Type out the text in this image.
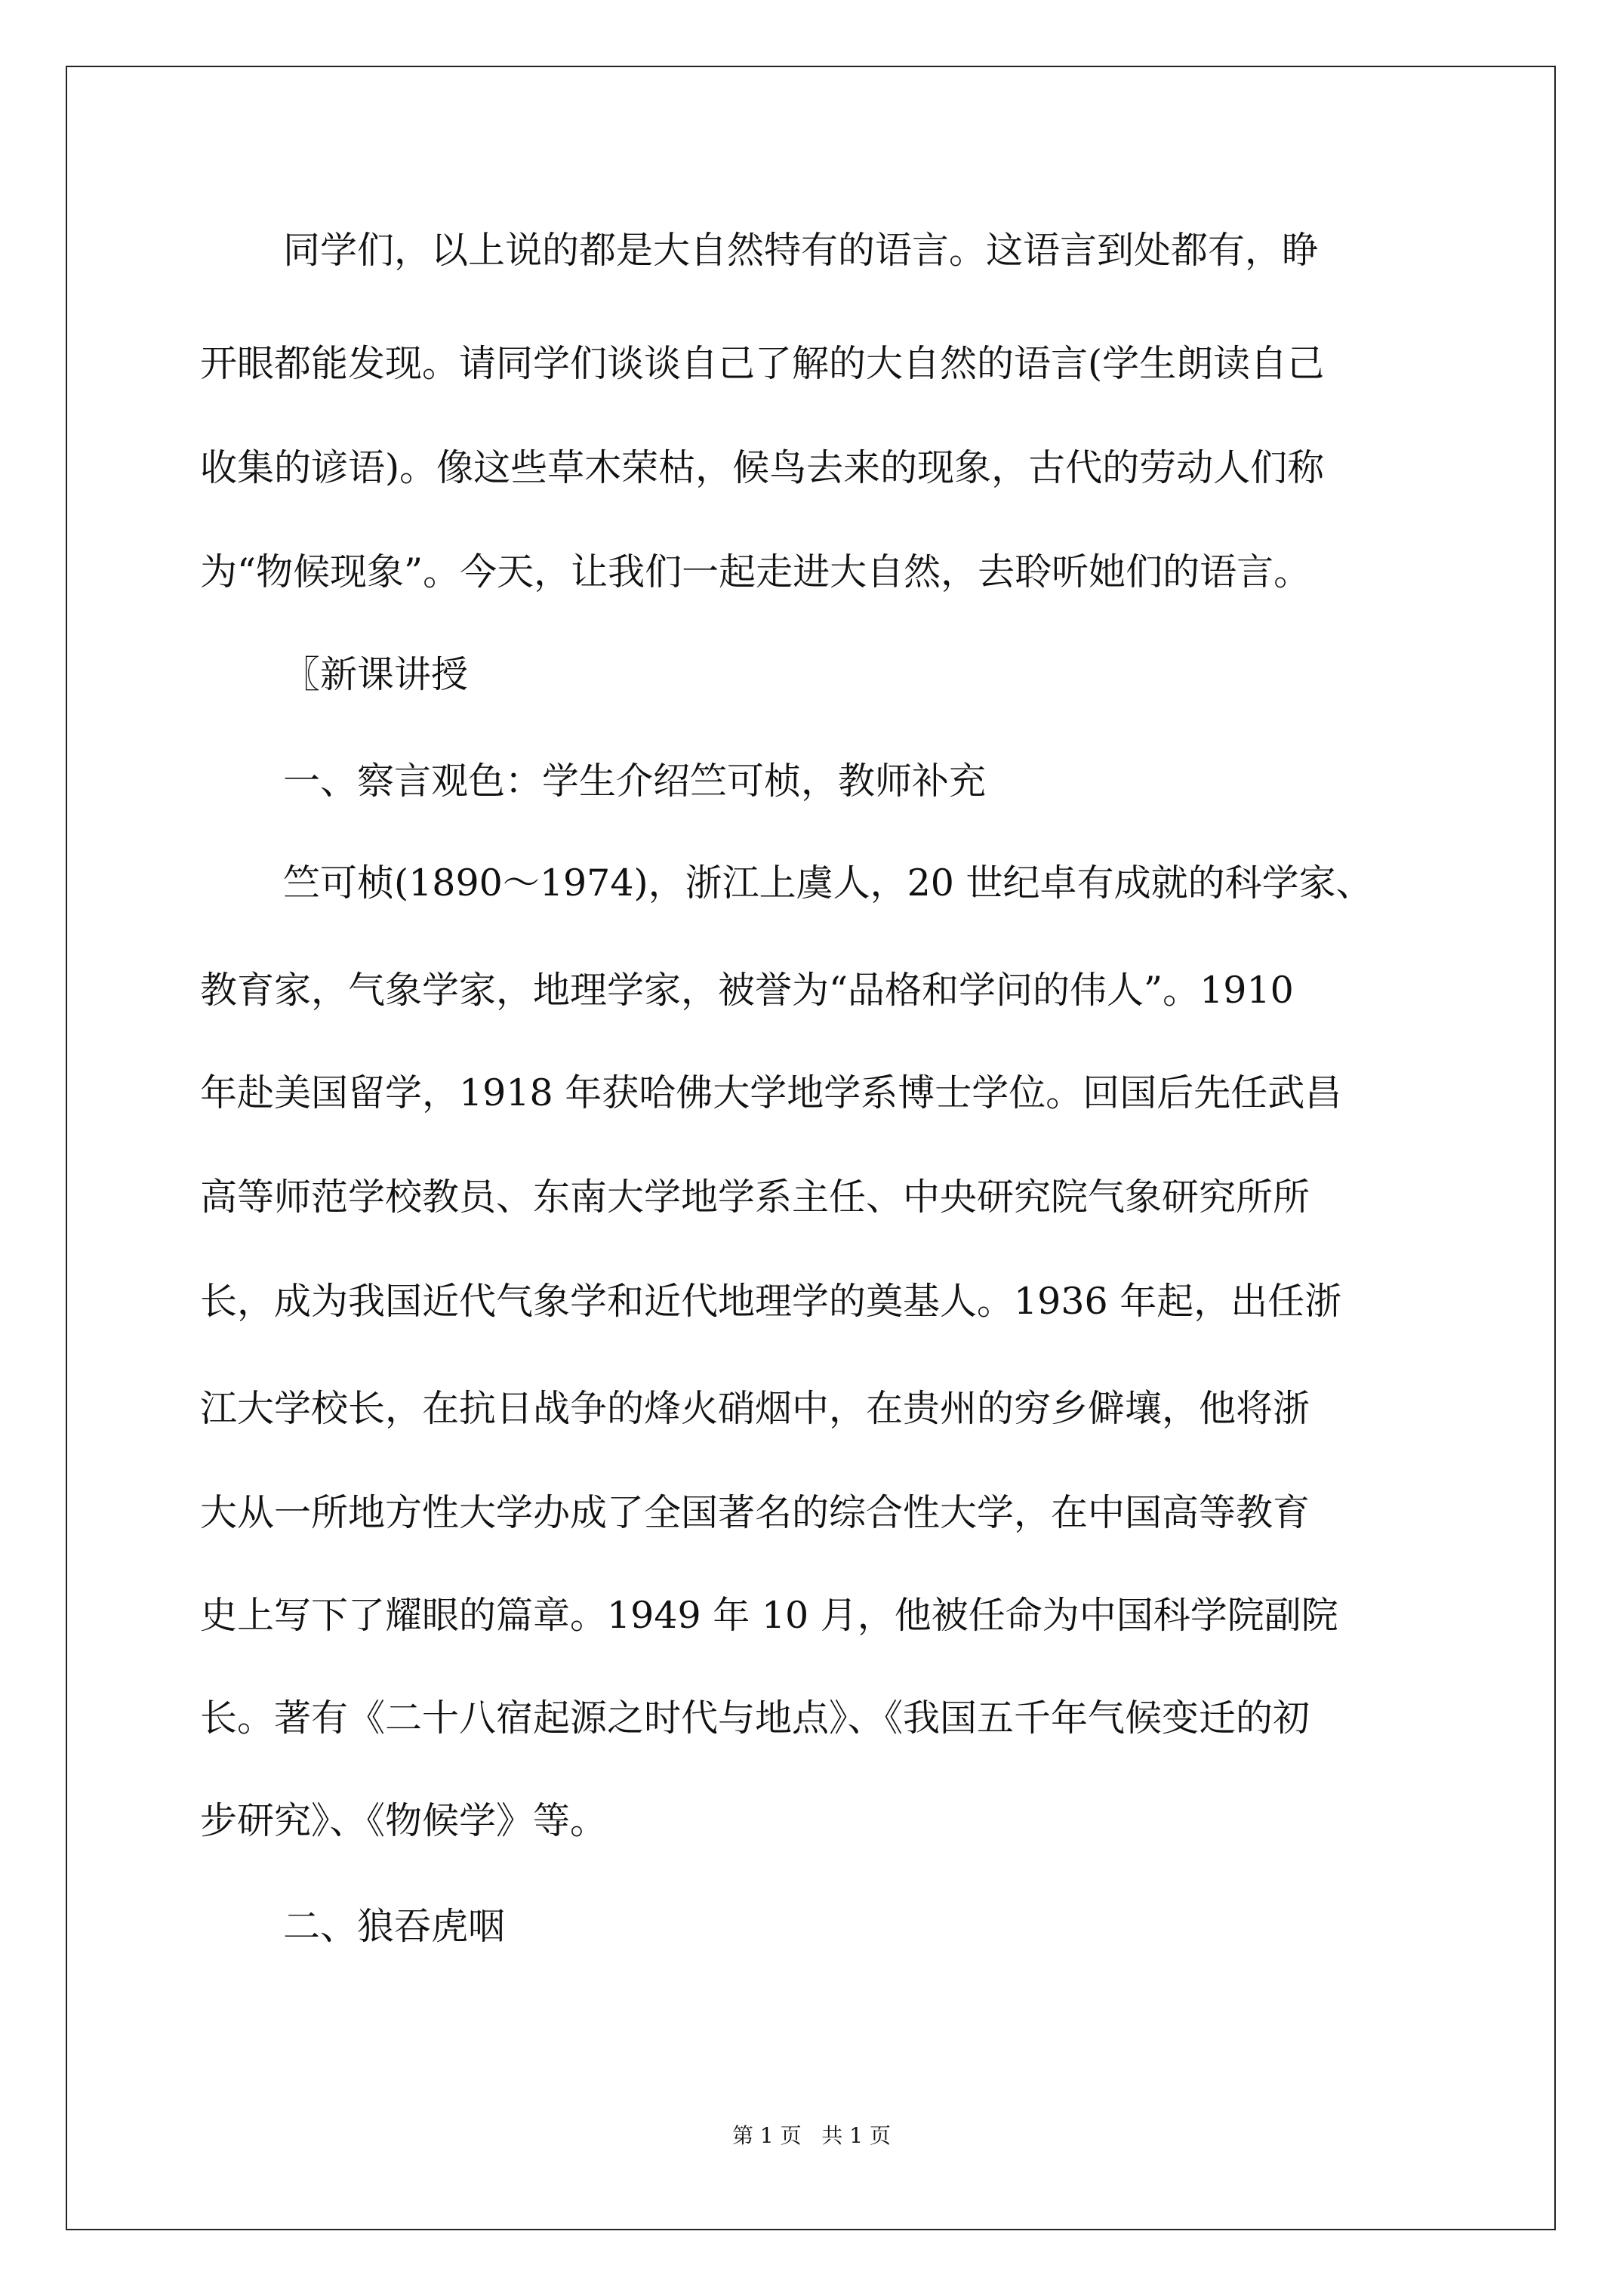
同学们，以上说的都是大自然特有的语言。这语言到处都有，睁
开眼都能发现。请同学们谈谈自己了解的大自然的语言(学生朗读自己
收集的谚语)。像这些草木荣枯，候鸟去来的现象，古代的劳动人们称
为“物候现象”。今天，让我们一起走进大自然，去聆听她们的语言。
〖新课讲授
一、察言观色：学生介绍竺可桢，教师补充
竺可桢(1890～1974)，浙江上虞人，20 世纪卓有成就的科学家、
教育家，气象学家，地理学家，被誉为“品格和学问的伟人”。1910
年赴美国留学，1918 年获哈佛大学地学系博士学位。回国后先任武昌
高等师范学校教员、东南大学地学系主任、中央研究院气象研究所所
长，成为我国近代气象学和近代地理学的奠基人。1936 年起，出任浙
江大学校长，在抗日战争的烽火硝烟中，在贵州的穷乡僻壤，他将浙
大从一所地方性大学办成了全国著名的综合性大学，在中国高等教育
史上写下了耀眼的篇章。1949 年 10 月，他被任命为中国科学院副院
长。著有《二十八宿起源之时代与地点》、《我国五千年气候变迁的初
步研究》、《物候学》等。
二、狼吞虎咽
第 1 页   共 1 页
